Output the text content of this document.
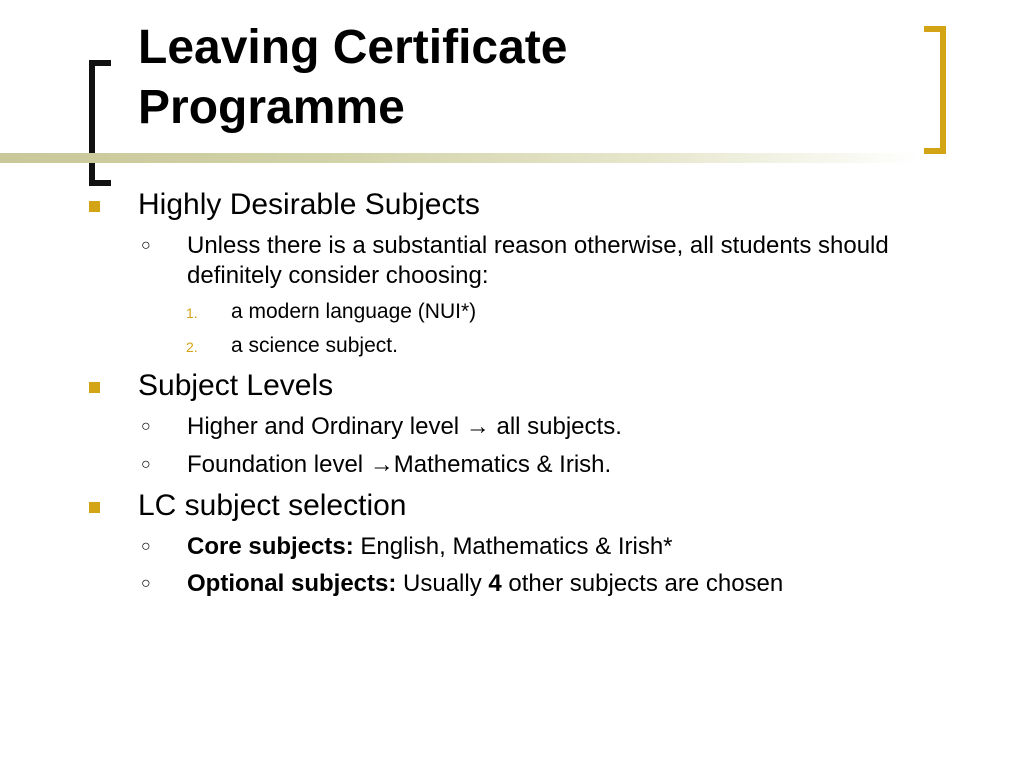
Leaving Certificate
Programme
Highly Desirable Subjects
○ Unless there is a substantial reason otherwise, all students should definitely consider choosing:
1. a modern language (NUI*)
2. a science subject.
Subject Levels
○ Higher and Ordinary level → all subjects.
○ Foundation level →Mathematics & Irish.
LC subject selection
○ Core subjects: English, Mathematics & Irish*
○ Optional subjects: Usually 4 other subjects are chosen
